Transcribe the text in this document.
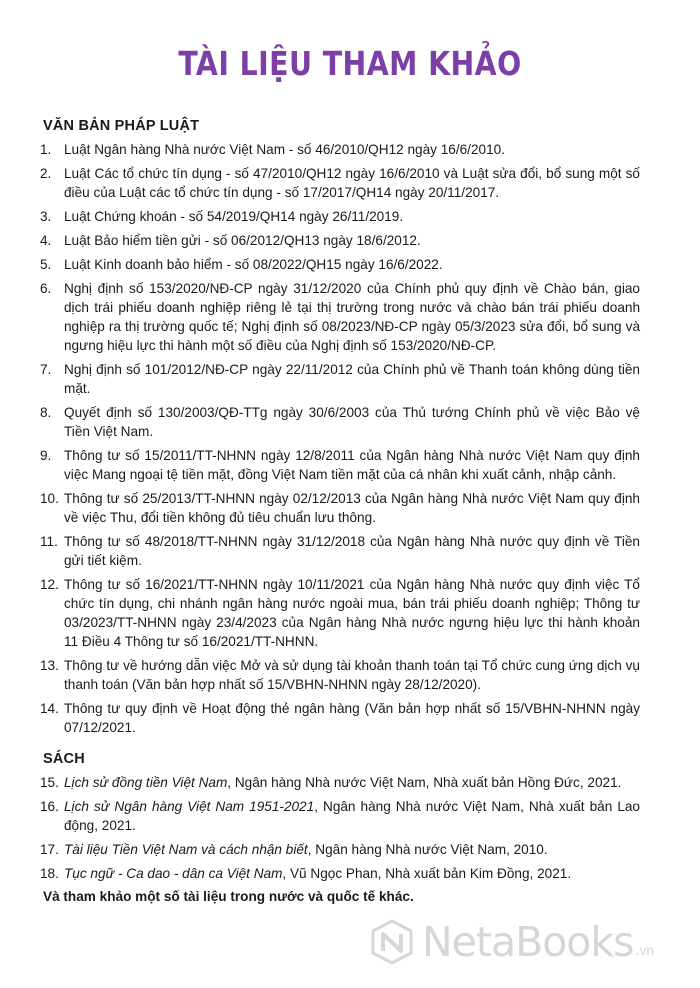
TÀI LIỆU THAM KHẢO
VĂN BẢN PHÁP LUẬT
1. Luật Ngân hàng Nhà nước Việt Nam - số 46/2010/QH12 ngày 16/6/2010.
2. Luật Các tổ chức tín dụng - số 47/2010/QH12 ngày 16/6/2010 và Luật sửa đổi, bổ sung một số điều của Luật các tổ chức tín dụng - số 17/2017/QH14 ngày 20/11/2017.
3. Luật Chứng khoán - số 54/2019/QH14 ngày 26/11/2019.
4. Luật Bảo hiểm tiền gửi - số 06/2012/QH13 ngày 18/6/2012.
5. Luật Kinh doanh bảo hiểm - số 08/2022/QH15 ngày 16/6/2022.
6. Nghị định số 153/2020/NĐ-CP ngày 31/12/2020 của Chính phủ quy định về Chào bán, giao dịch trái phiếu doanh nghiệp riêng lẻ tại thị trường trong nước và chào bán trái phiếu doanh nghiệp ra thị trường quốc tế; Nghị định số 08/2023/NĐ-CP ngày 05/3/2023 sửa đổi, bổ sung và ngưng hiệu lực thi hành một số điều của Nghị định số 153/2020/NĐ-CP.
7. Nghị định số 101/2012/NĐ-CP ngày 22/11/2012 của Chính phủ về Thanh toán không dùng tiền mặt.
8. Quyết định số 130/2003/QĐ-TTg ngày 30/6/2003 của Thủ tướng Chính phủ về việc Bảo vệ Tiền Việt Nam.
9. Thông tư số 15/2011/TT-NHNN ngày 12/8/2011 của Ngân hàng Nhà nước Việt Nam quy định việc Mang ngoại tệ tiền mặt, đồng Việt Nam tiền mặt của cá nhân khi xuất cảnh, nhập cảnh.
10. Thông tư số 25/2013/TT-NHNN ngày 02/12/2013 của Ngân hàng Nhà nước Việt Nam quy định về việc Thu, đổi tiền không đủ tiêu chuẩn lưu thông.
11. Thông tư số 48/2018/TT-NHNN ngày 31/12/2018 của Ngân hàng Nhà nước quy định về Tiền gửi tiết kiệm.
12. Thông tư số 16/2021/TT-NHNN ngày 10/11/2021 của Ngân hàng Nhà nước quy định việc Tổ chức tín dụng, chi nhánh ngân hàng nước ngoài mua, bán trái phiếu doanh nghiệp; Thông tư 03/2023/TT-NHNN ngày 23/4/2023 của Ngân hàng Nhà nước ngưng hiệu lực thi hành khoản 11 Điều 4 Thông tư số 16/2021/TT-NHNN.
13. Thông tư về hướng dẫn việc Mở và sử dụng tài khoản thanh toán tại Tổ chức cung ứng dịch vụ thanh toán (Văn bản hợp nhất số 15/VBHN-NHNN ngày 28/12/2020).
14. Thông tư quy định về Hoạt động thẻ ngân hàng (Văn bản hợp nhất số 15/VBHN-NHNN ngày 07/12/2021.
SÁCH
15. Lịch sử đồng tiền Việt Nam, Ngân hàng Nhà nước Việt Nam, Nhà xuất bản Hồng Đức, 2021.
16. Lịch sử Ngân hàng Việt Nam 1951-2021, Ngân hàng Nhà nước Việt Nam, Nhà xuất bản Lao động, 2021.
17. Tài liệu Tiền Việt Nam và cách nhận biết, Ngân hàng Nhà nước Việt Nam, 2010.
18. Tục ngữ - Ca dao - dân ca Việt Nam, Vũ Ngọc Phan, Nhà xuất bản Kim Đồng, 2021.
Và tham khảo một số tài liệu trong nước và quốc tế khác.
NetaBooks .vn
